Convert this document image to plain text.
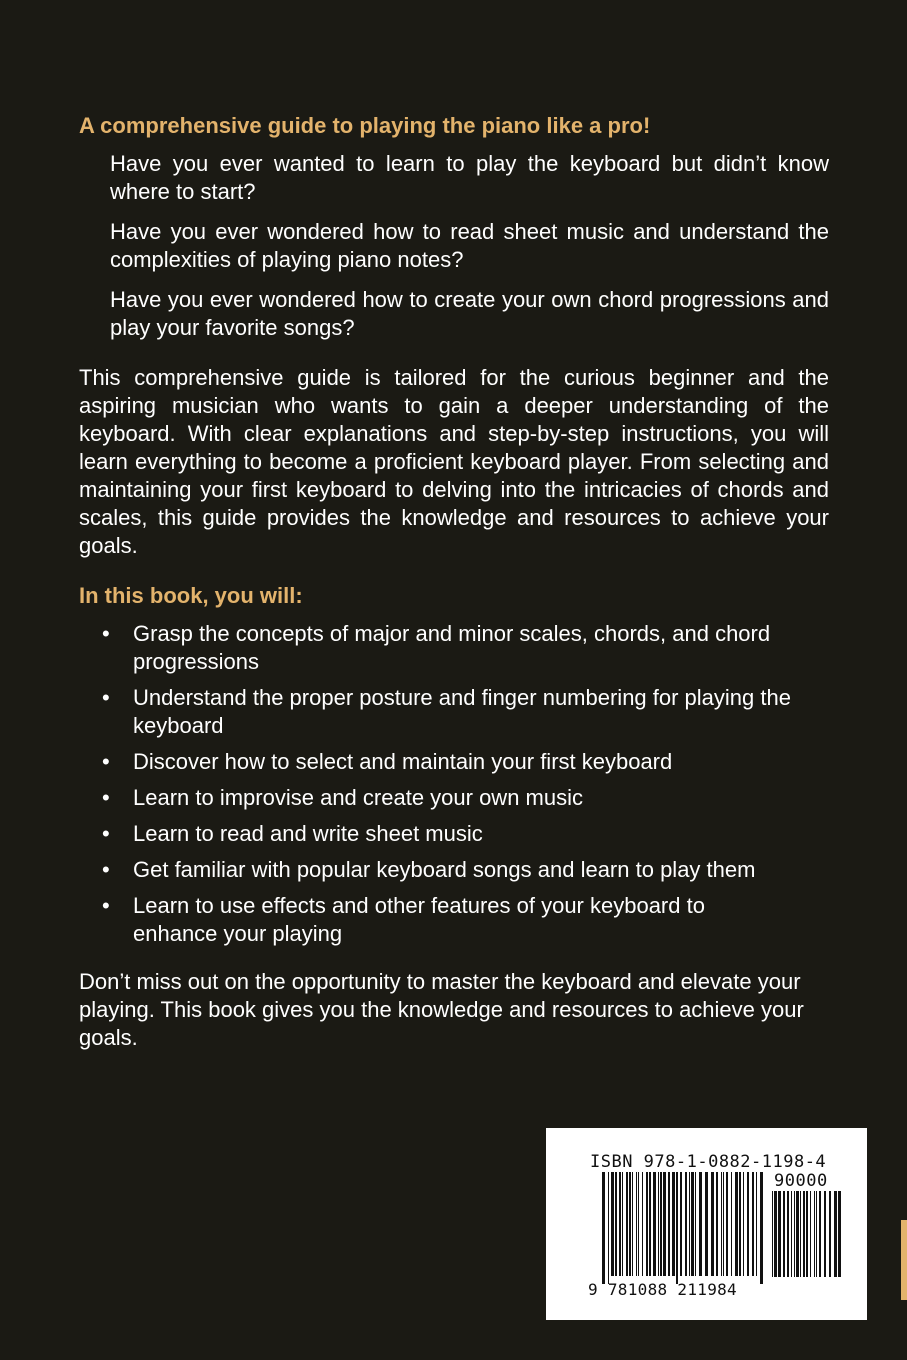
A comprehensive guide to playing the piano like a pro!

Have you ever wanted to learn to play the keyboard but didn’t know where to start?

Have you ever wondered how to read sheet music and understand the complexities of playing piano notes?

Have you ever wondered how to create your own chord progressions and play your favorite songs?

This comprehensive guide is tailored for the curious beginner and the aspiring musician who wants to gain a deeper understanding of the keyboard. With clear explanations and step-by-step instructions, you will learn everything to become a proficient keyboard player. From selecting and maintaining your first keyboard to delving into the intricacies of chords and scales, this guide provides the knowledge and resources to achieve your goals.

In this book, you will:

• Grasp the concepts of major and minor scales, chords, and chord progressions
• Understand the proper posture and finger numbering for playing the keyboard
• Discover how to select and maintain your first keyboard
• Learn to improvise and create your own music
• Learn to read and write sheet music
• Get familiar with popular keyboard songs and learn to play them
• Learn to use effects and other features of your keyboard to enhance your playing

Don’t miss out on the opportunity to master the keyboard and elevate your playing. This book gives you the knowledge and resources to achieve your goals.

ISBN 978-1-0882-1198-4
90000
9 781088 211984
